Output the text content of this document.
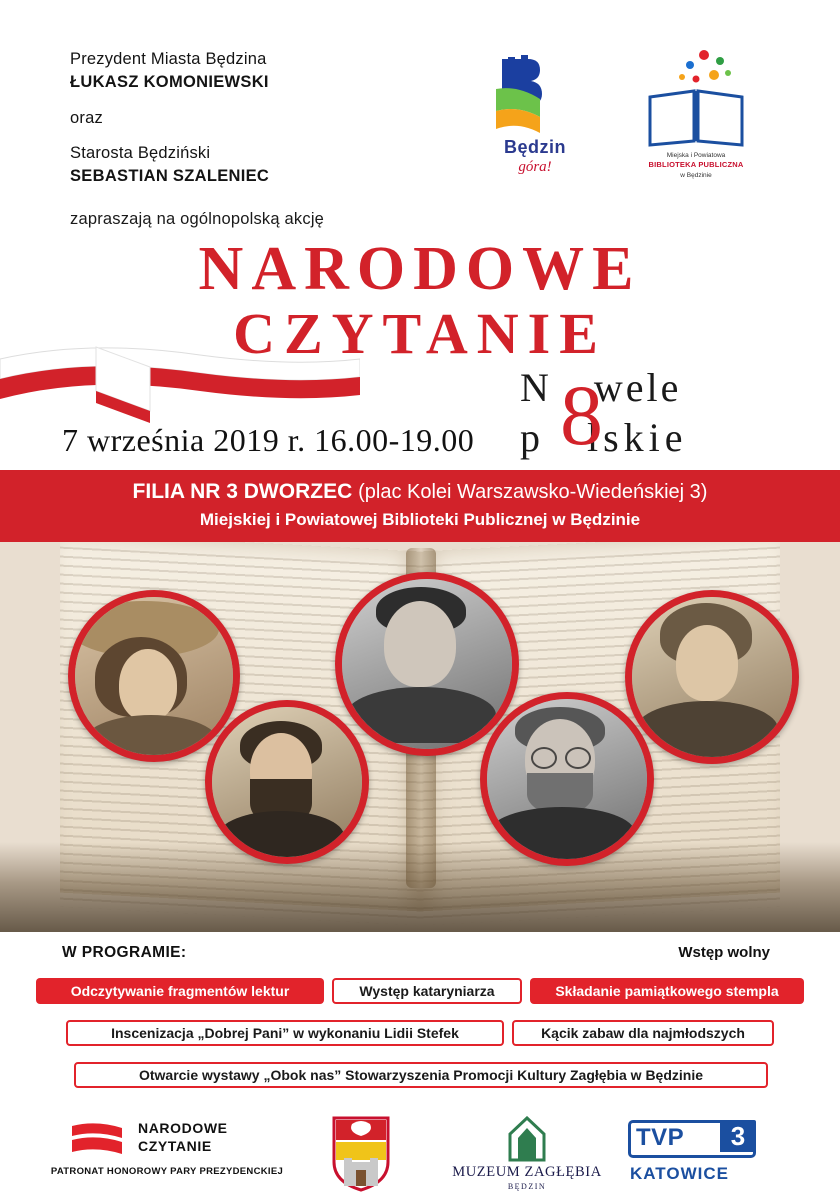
Prezydent Miasta Będzina
ŁUKASZ KOMONIEWSKI
oraz
Starosta Będziński
SEBASTIAN SZALENIEC
zapraszają na ogólnopolską akcję
Będzin
góra!
Miejska i Powiatowa
BIBLIOTEKA PUBLICZNA
w Będzinie
NARODOWE
CZYTANIE
N wele
p lskie
8
7 września 2019 r. 16.00-19.00
FILIA NR 3 DWORZEC (plac Kolei Warszawsko-Wiedeńskiej 3)
Miejskiej i Powiatowej Biblioteki Publicznej w Będzinie
W PROGRAMIE:	Wstęp wolny
Odczytywanie fragmentów lektur	Występ kataryniarza	Składanie pamiątkowego stempla
Inscenizacja „Dobrej Pani” w wykonaniu Lidii Stefek	Kącik zabaw dla najmłodszych
Otwarcie wystawy „Obok nas” Stowarzyszenia Promocji Kultury Zagłębia w Będzinie
NARODOWE
CZYTANIE
PATRONAT HONOROWY PARY PREZYDENCKIEJ	MUZEUM ZAGŁĘBIA
BĘDZIN
TVP	3
KATOWICE
